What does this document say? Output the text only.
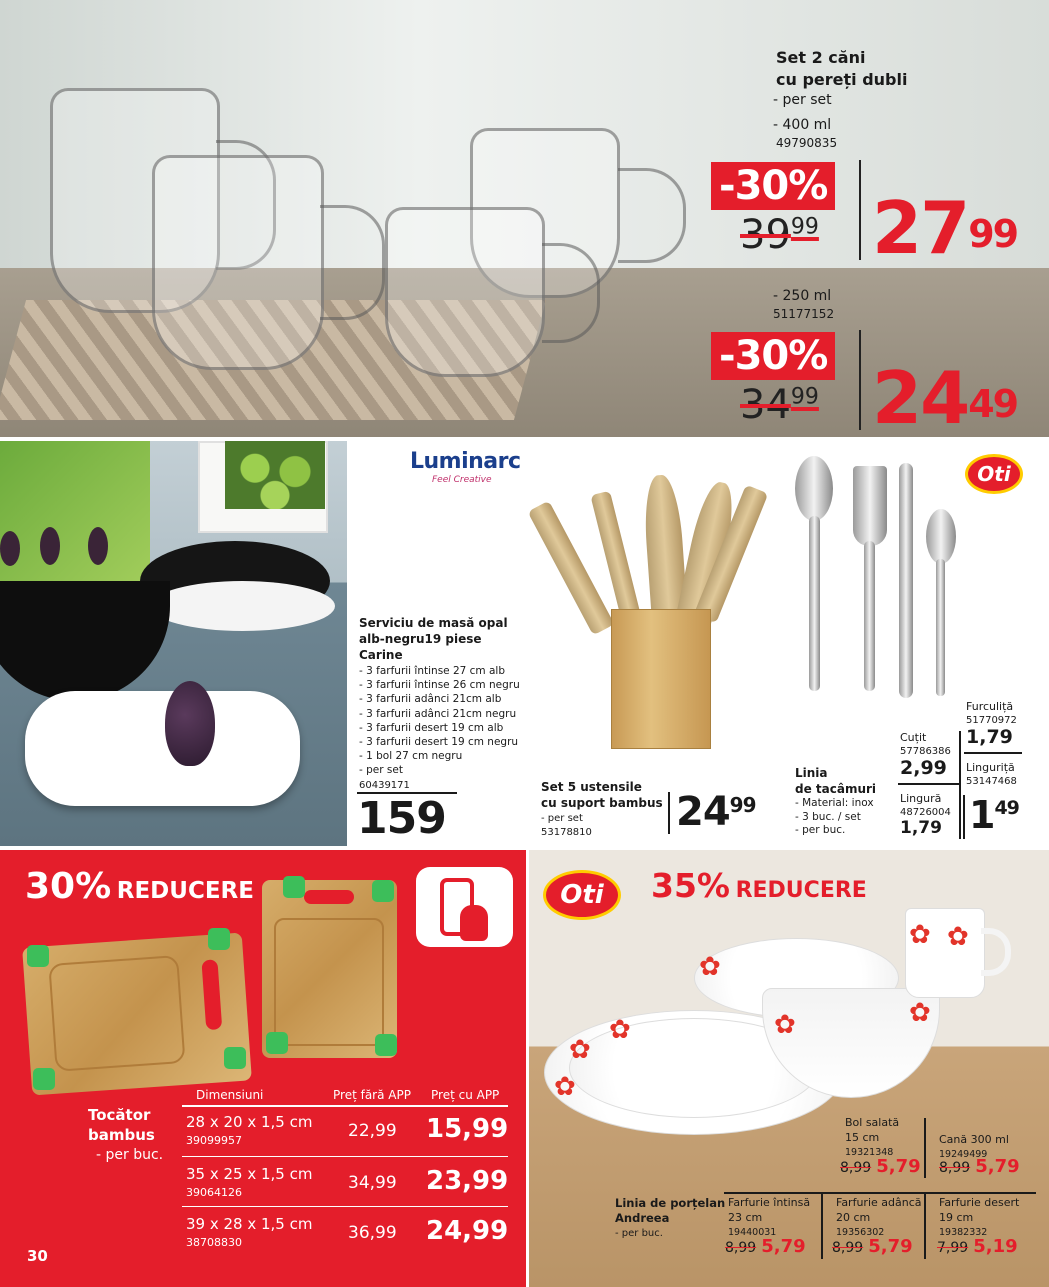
Set 2 căni
cu pereți dubli
- per set
- 400 ml
49790835
-30%
$39^{99}$ $27^{99}$
- 250 ml
51177152
-30%
$34^{99}$ $24^{49}$
Luminarc
Feel Creative
Serviciu de masă opal
alb-negru19 piese
Carine
- 3 farfurii întinse 27 cm alb
- 3 farfurii întinse 26 cm negru
- 3 farfurii adânci 21cm alb
- 3 farfurii adânci 21cm negru
- 3 farfurii desert 19 cm alb
- 3 farfurii desert 19 cm negru
- 1 bol 27 cm negru
- per set
60439171
159
Set 5 ustensile
cu suport bambus
- per set
53178810 $24^{99}$
Oti
Linia
de tacâmuri
- Material: inox
- 3 buc. / set
- per buc.
Cuțit
57786386
2,99
Lingură
48726004
1,79
Furculiță
51770972
1,79
Linguriță
53147468
$1^{49}$
30% REDUCERE
Tocător
bambus
- per buc.
Dimensiuni	Preț fără APP Preț cu APP
28 x 20 x 1,5 cm
39099957	22,99 15,99
35 x 25 x 1,5 cm
39064126	34,99 23,99
39 x 28 x 1,5 cm
38708830	36,99 24,99
30
Oti	35% REDUCERE
✿ ✿
✿
✿	✿
✿
✿
✿
Linia de porțelan
Andreea
- per buc.
Bol salată
15 cm
19321348
8,99 5,79
Cană 300 ml
19249499
8,99 5,79
Farfurie întinsă
23 cm
19440031
8,99 5,79
Farfurie adâncă
20 cm
19356302
8,99 5,79
Farfurie desert
19 cm
19382332
7,99 5,19
